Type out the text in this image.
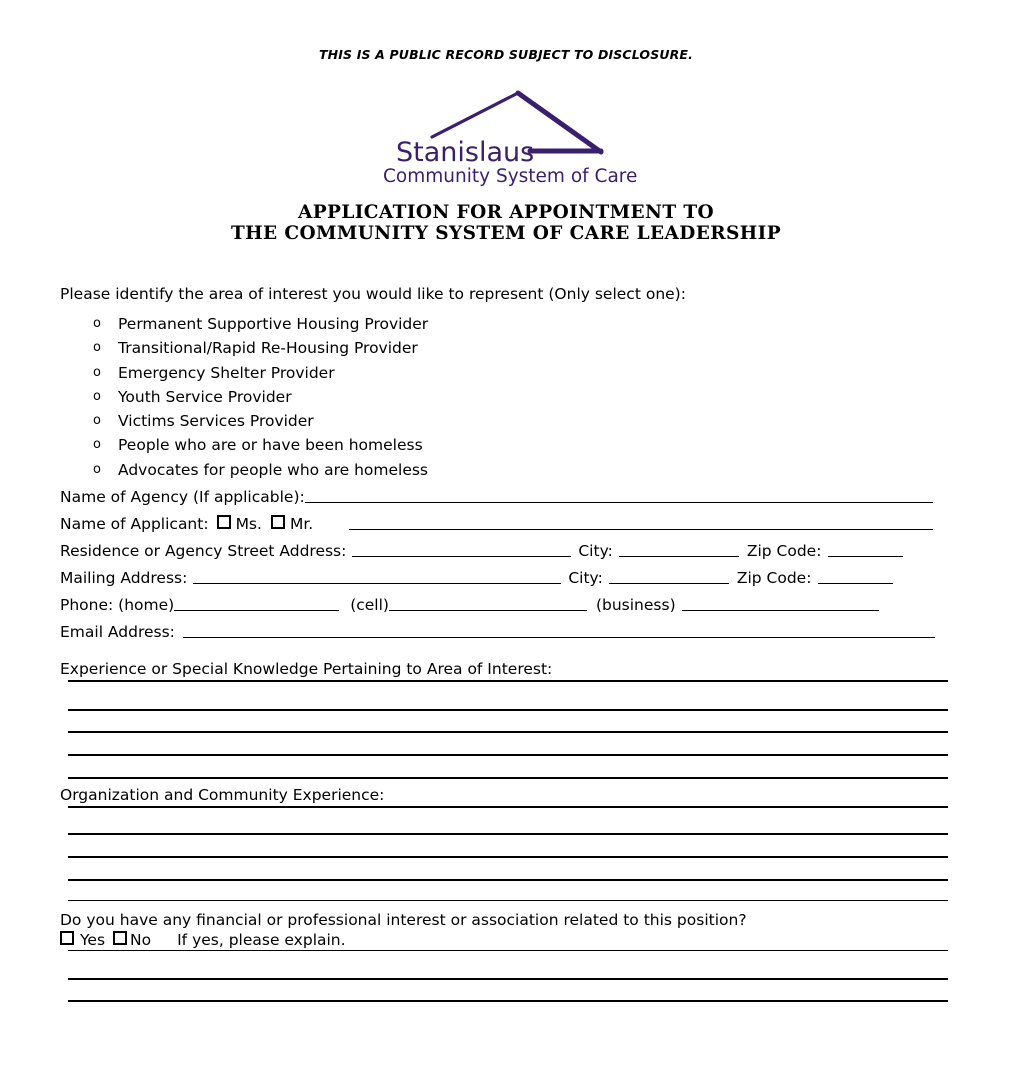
THIS IS A PUBLIC RECORD SUBJECT TO DISCLOSURE.
Stanislaus
Community System of Care
APPLICATION FOR APPOINTMENT TO
THE COMMUNITY SYSTEM OF CARE LEADERSHIP
Please identify the area of interest you would like to represent (Only select one):
o Permanent Supportive Housing Provider
o Transitional/Rapid Re-Housing Provider
o Emergency Shelter Provider
o Youth Service Provider
o Victims Services Provider
o People who are or have been homeless
o Advocates for people who are homeless
Name of Agency (If applicable):
Name of Applicant: Ms. Mr.
Residence or Agency Street Address:	City:	Zip Code:
Mailing Address:	City:	Zip Code:
Phone: (home)	(cell)	(business)
Email Address:
Experience or Special Knowledge Pertaining to Area of Interest:
Organization and Community Experience:
Do you have any financial or professional interest or association related to this position?
Yes No If yes, please explain.
